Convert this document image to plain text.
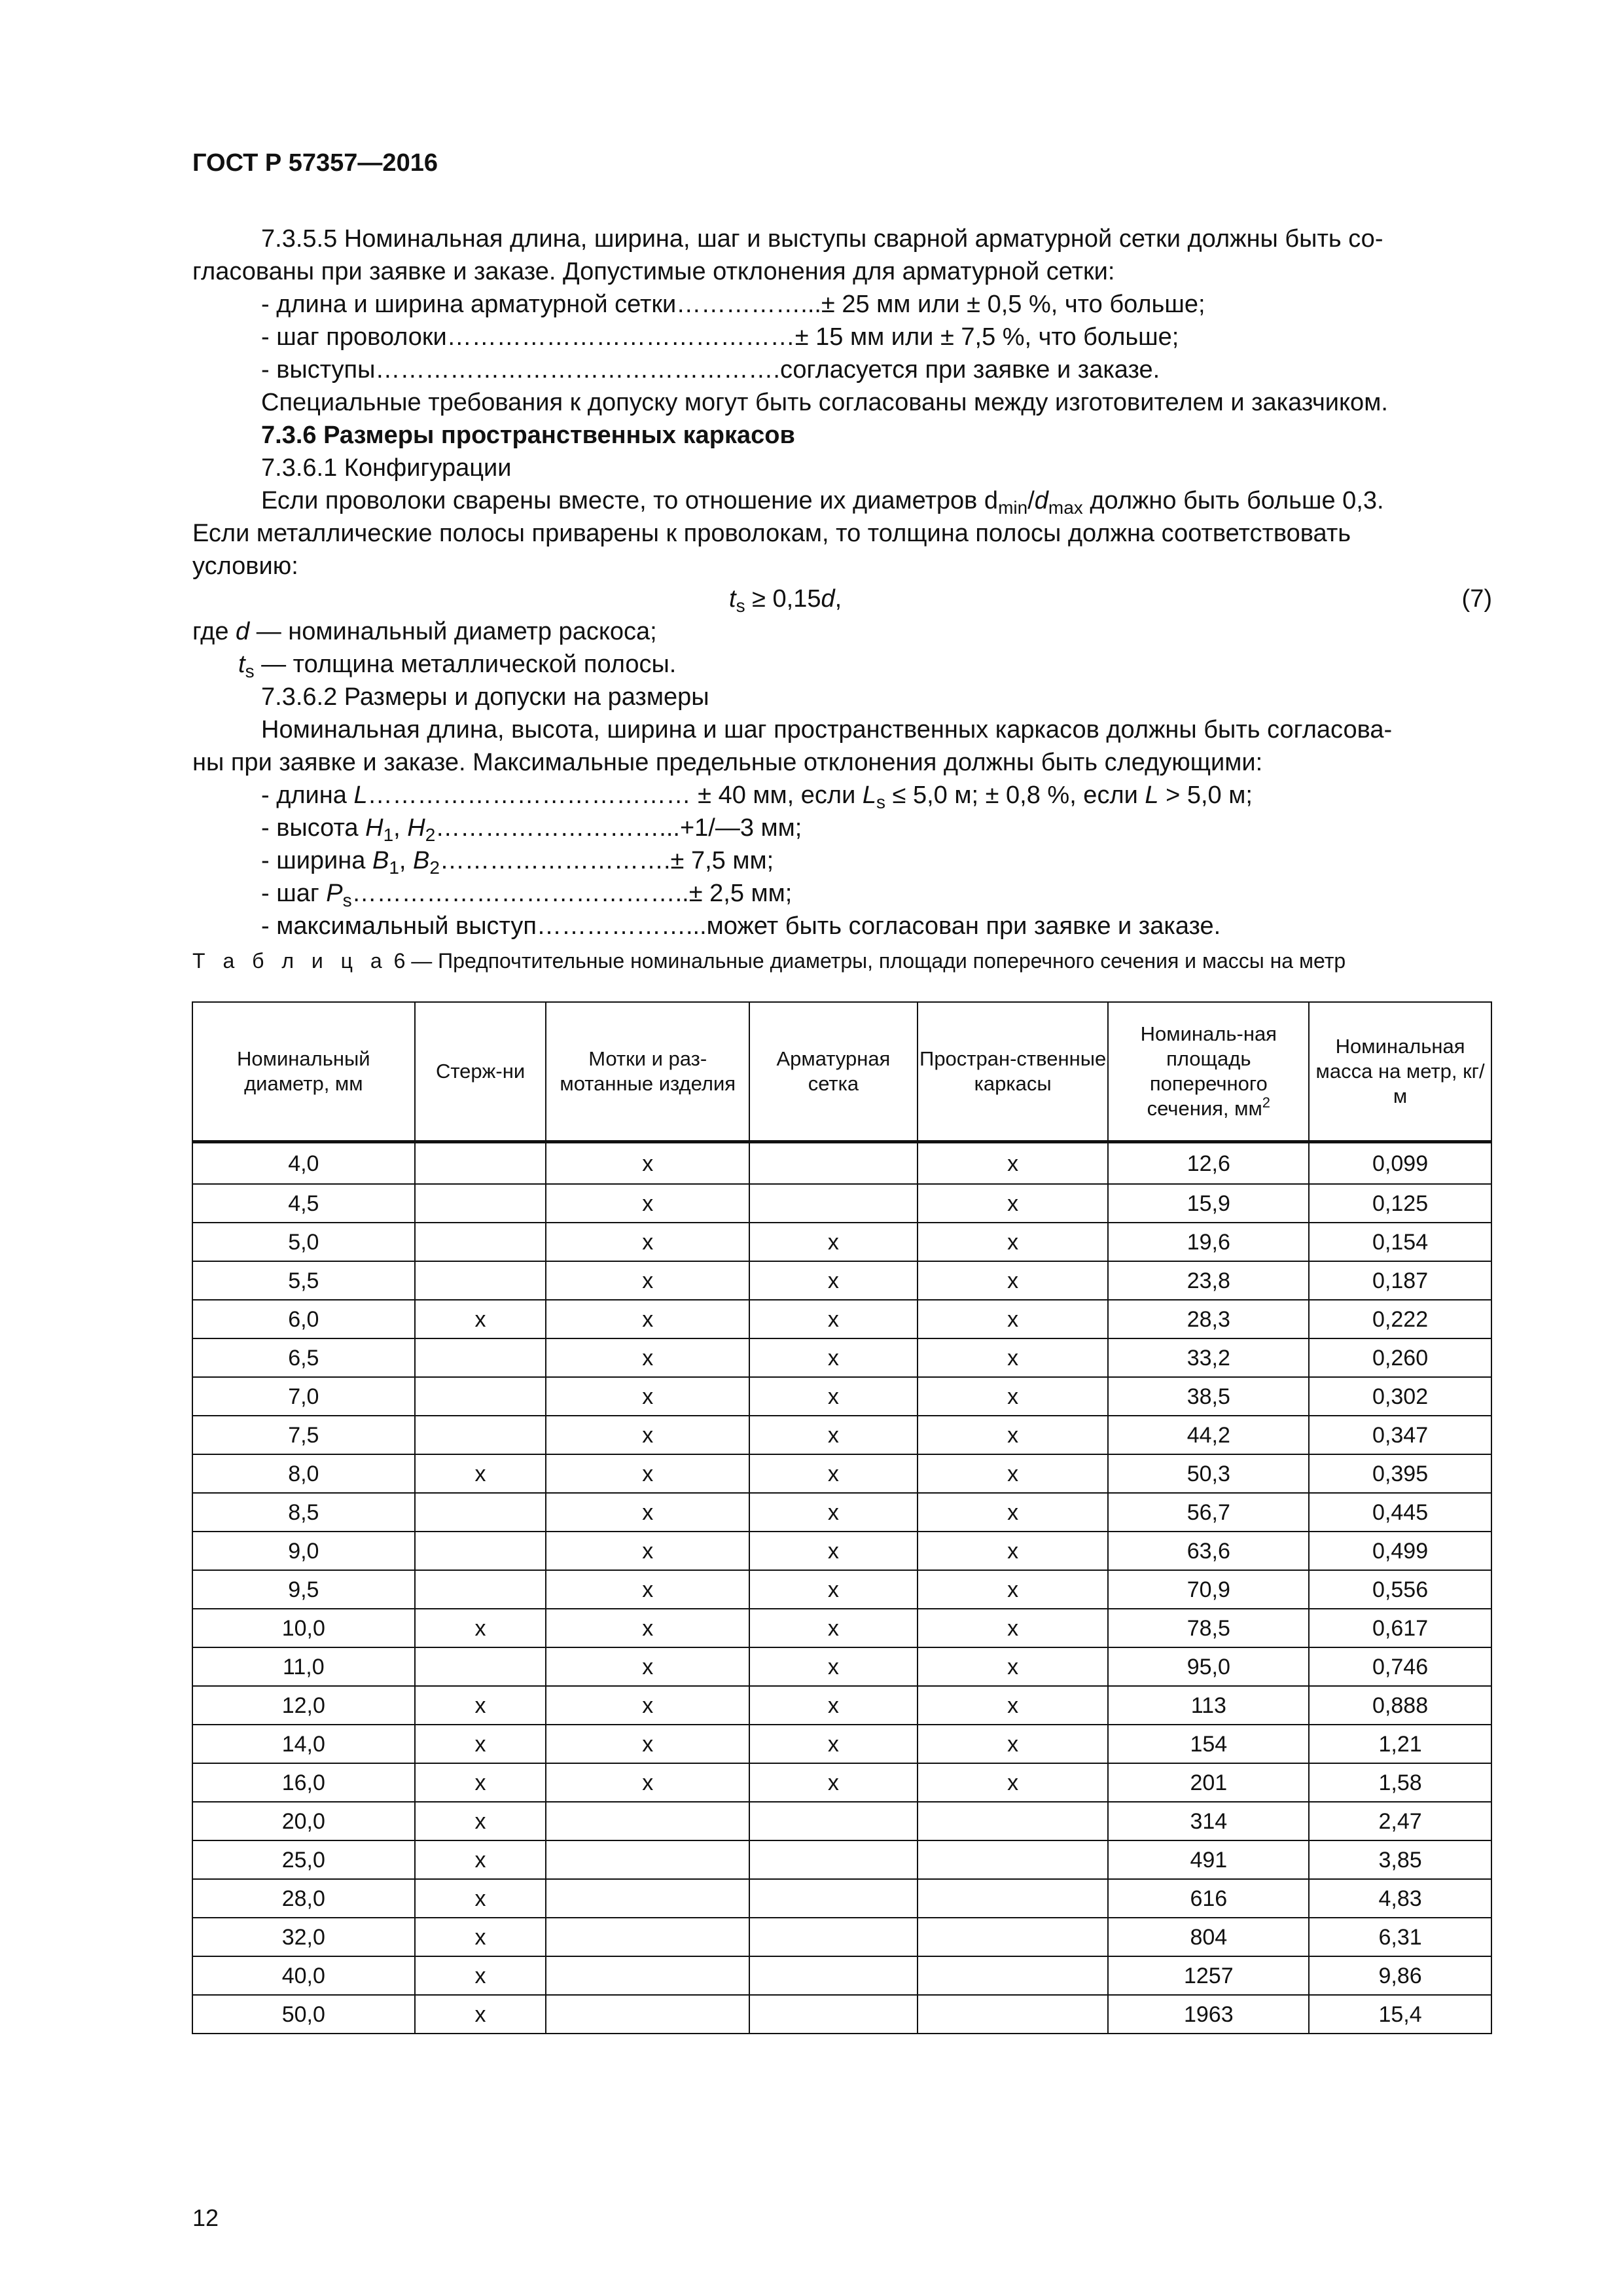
ГОСТ Р 57357—2016

7.3.5.5 Номинальная длина, ширина, шаг и выступы сварной арматурной сетки должны быть со-

гласованы при заявке и заказе. Допустимые отклонения для арматурной сетки:

- длина и ширина арматурной сетки……………...± 25 мм или ± 0,5 %, что больше;

- шаг проволоки……………………………………± 15 мм или ± 7,5 %, что больше;

- выступы………………………………………….согласуется при заявке и заказе.

Специальные требования к допуску могут быть согласованы между изготовителем и заказчиком.

7.3.6 Размеры пространственных каркасов

7.3.6.1 Конфигурации

Если проволоки сварены вместе, то отношение их диаметров $d_{min}/d_{max}$ должно быть больше 0,3.

Если металлические полосы приварены к проволокам, то толщина полосы должна соответствовать

условию:

$t_s \ge 0,15d$,	(7)

где d — номинальный диаметр раскоса;

$t_s$ — толщина металлической полосы.

7.3.6.2 Размеры и допуски на размеры

Номинальная длина, высота, ширина и шаг пространственных каркасов должны быть согласова-

ны при заявке и заказе. Максимальные предельные отклонения должны быть следующими:

- длина L………………………………… ± 40 мм, если $L_s \le 5,0$ м; ± 0,8 %, если L > 5,0 м;

- высота $H_1$, $H_2\dots\dots\dots\dots\dots\dots\dots\dots\dots...+1/—3$ мм;

- ширина $B_1$, $B_2\dots\dots\dots\dots\dots\dots\dots\dots\dots.\pm 7,5$ мм;

- шаг $P_s\dots\dots\dots\dots\dots\dots\dots\dots\dots\dots\dots\dots\dots..\pm 2,5$ мм;

- максимальный выступ………………...может быть согласован при заявке и заказе.

Т а б л и ц а 6 — Предпочтительные номинальные диаметры, площади поперечного сечения и массы на метр
Номинальный диаметр, мм	Стерж-ни	Мотки и раз-мотанные изделия	Арматурная сетка	Простран-ственные каркасы	Номиналь-ная площадь поперечного сечения, $мм^2$	Номинальная масса на метр, кг/м
4,0		x		x	12,6	0,099
4,5		x		x	15,9	0,125
5,0		x	x	x	19,6	0,154
5,5		x	x	x	23,8	0,187
6,0	x	x	x	x	28,3	0,222
6,5		x	x	x	33,2	0,260
7,0		x	x	x	38,5	0,302
7,5		x	x	x	44,2	0,347
8,0	x	x	x	x	50,3	0,395
8,5		x	x	x	56,7	0,445
9,0		x	x	x	63,6	0,499
9,5		x	x	x	70,9	0,556
10,0	x	x	x	x	78,5	0,617
11,0		x	x	x	95,0	0,746
12,0	x	x	x	x	113	0,888
14,0	x	x	x	x	154	1,21
16,0	x	x	x	x	201	1,58
20,0	x				314	2,47
25,0	x				491	3,85
28,0	x				616	4,83
32,0	x				804	6,31
40,0	x				1257	9,86
50,0	x				1963	15,4
12
